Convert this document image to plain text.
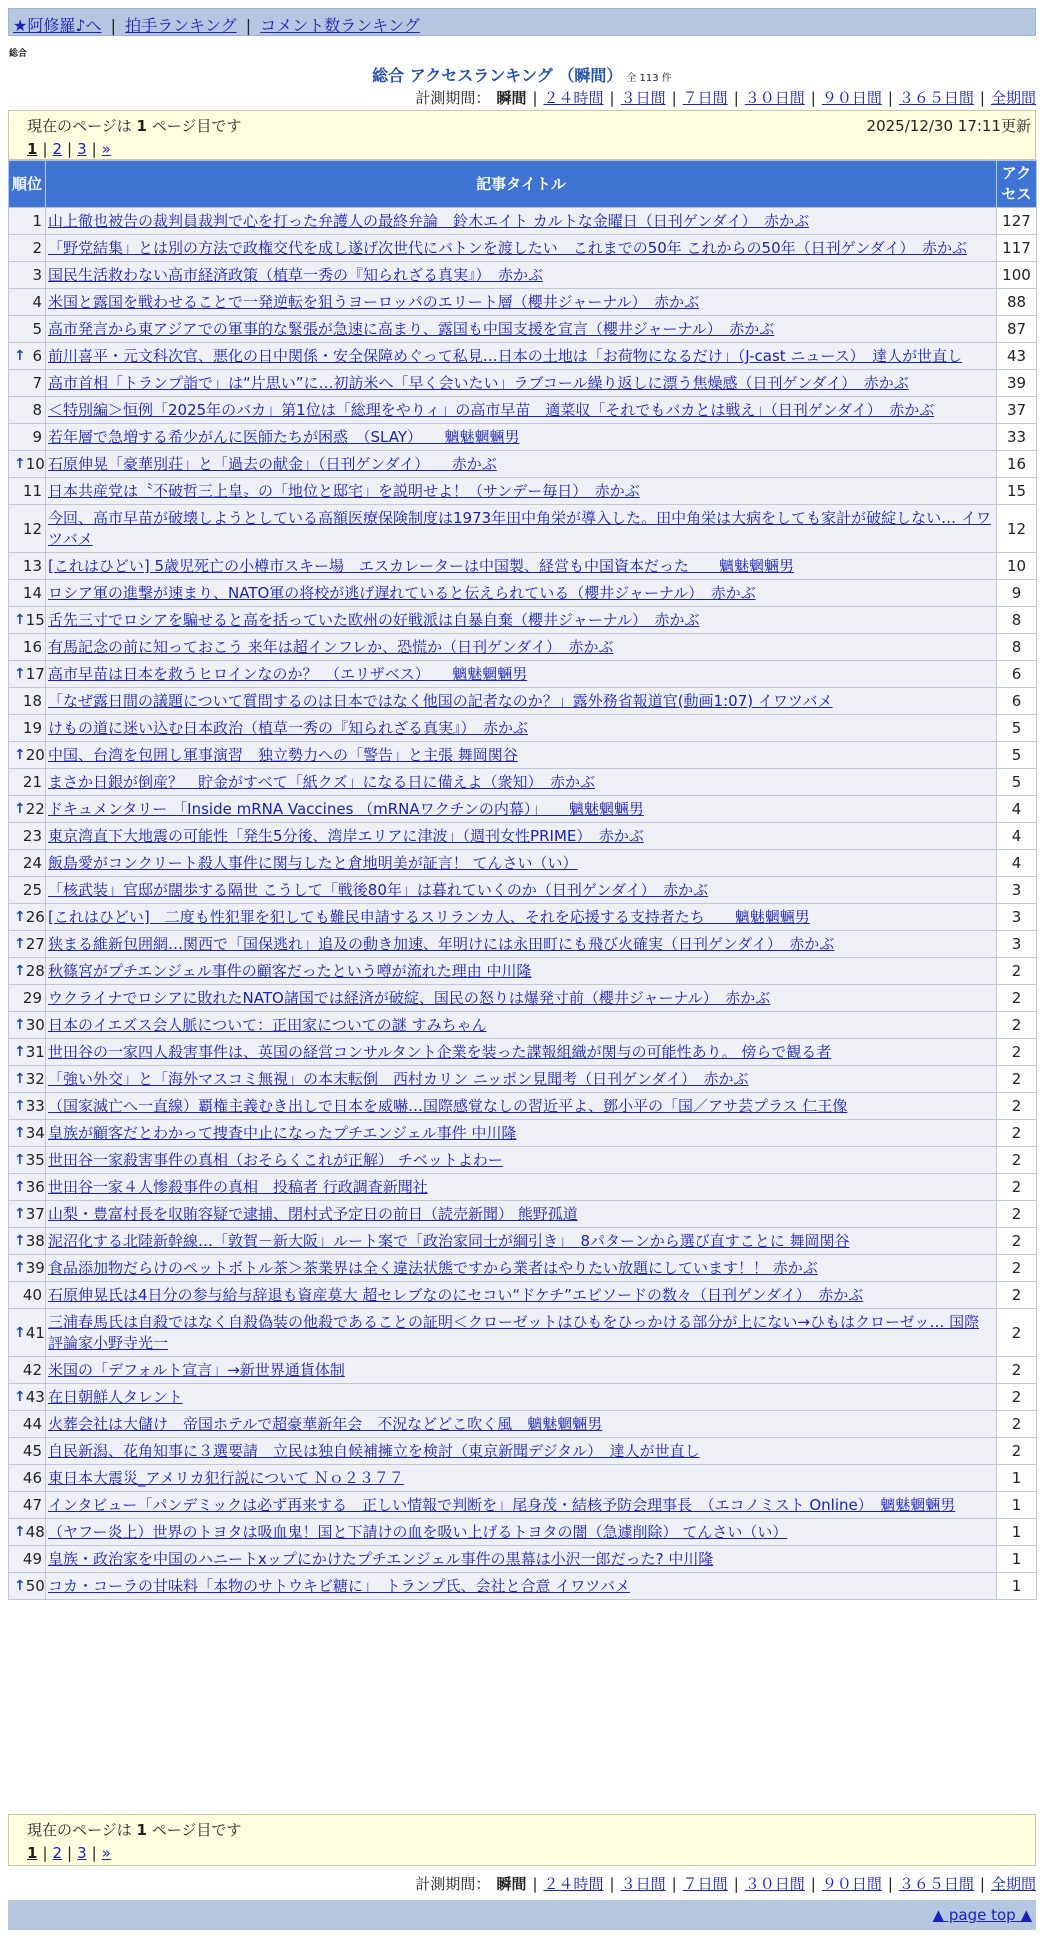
★阿修羅♪へ | 拍手ランキング | コメント数ランキング
総合
総合 アクセスランキング （瞬間） 全 113 件
計測期間： 瞬間 | ２４時間 | ３日間 | ７日間 | ３０日間 | ９０日間 | ３６５日間 | 全期間
現在のページは 1 ページ目です	2025/12/30 17:11更新
1 | 2 | 3 | »
順位	記事タイトル	アクセス
1	山上徹也被告の裁判員裁判で心を打った弁護人の最終弁論　鈴木エイト カルトな金曜日（日刊ゲンダイ）　赤かぶ	127
2	「野党結集」とは別の方法で政権交代を成し遂げ次世代にバトンを渡したい　これまでの50年 これからの50年（日刊ゲンダイ）　赤かぶ	117
3	国民生活救わない高市経済政策（植草一秀の『知られざる真実』）　赤かぶ	100
4	米国と露国を戦わせることで一発逆転を狙うヨーロッパのエリート層（櫻井ジャーナル）　赤かぶ	88
5	高市発言から東アジアでの軍事的な緊張が急速に高まり、露国も中国支援を宣言（櫻井ジャーナル）　赤かぶ	87

↑ 6	前川喜平・元文科次官、悪化の日中関係・安全保障めぐって私見…日本の土地は「お荷物になるだけ」（J-cast ニュース）　達人が世直し	43
7	高市首相「トランプ詣で」は“片思い”に…初訪米へ「早く会いたい」ラブコール繰り返しに漂う焦燥感（日刊ゲンダイ）　赤かぶ	39
8	＜特別編＞恒例「2025年のバカ」第1位は「総理をやりィ」の高市早苗　適菜収「それでもバカとは戦え」（日刊ゲンダイ）　赤かぶ	37
9	若年層で急増する希少がんに医師たちが困惑　（SLAY）　　魑魅魍魎男	33

↑ 10	石原伸晃「豪華別荘」と「過去の献金」（日刊ゲンダイ）　　赤かぶ	16
11	日本共産党は〝不破哲三上皇〟の「地位と邸宅」を説明せよ！（サンデー毎日）　赤かぶ	15
12	今回、高市早苗が破壊しようとしている高額医療保険制度は1973年田中角栄が導入した。田中角栄は大病をしても家計が破綻しない… イワツバメ	12
13	[これはひどい] 5歳児死亡の小樽市スキー場　エスカレーターは中国製、経営も中国資本だった　　魑魅魍魎男	10
14	ロシア軍の進撃が速まり、NATO軍の将校が逃げ遅れていると伝えられている（櫻井ジャーナル）　赤かぶ	9

↑ 15	舌先三寸でロシアを騙せると高を括っていた欧州の好戦派は自暴自棄（櫻井ジャーナル）　赤かぶ	8
16	有馬記念の前に知っておこう 来年は超インフレか、恐慌か（日刊ゲンダイ）　赤かぶ	8

↑ 17	高市早苗は日本を救うヒロインなのか？　（エリザベス）　　魑魅魍魎男	6
18	「なぜ露日間の議題について質問するのは日本ではなく他国の記者なのか？」露外務省報道官(動画1:07) イワツバメ	6
19	けもの道に迷い込む日本政治（植草一秀の『知られざる真実』）　赤かぶ	5

↑ 20	中国、台湾を包囲し軍事演習　独立勢力への「警告」と主張 舞岡関谷	5
21	まさか日銀が倒産？　貯金がすべて「紙クズ」になる日に備えよ（衆知）　赤かぶ	5

↑ 22	ドキュメンタリー 「Inside mRNA Vaccines （mRNAワクチンの内幕）」　　魑魅魍魎男	4
23	東京湾直下大地震の可能性「発生5分後、湾岸エリアに津波」（週刊女性PRIME）　赤かぶ	4
24	飯島愛がコンクリート殺人事件に関与したと倉地明美が証言！ てんさい（い）	4
25	「核武装」官邸が闊歩する隔世 こうして「戦後80年」は暮れていくのか（日刊ゲンダイ）　赤かぶ	3

↑ 26	[これはひどい]　二度も性犯罪を犯しても難民申請するスリランカ人、それを応援する支持者たち　　魑魅魍魎男	3

↑ 27	狭まる維新包囲網…関西で「国保逃れ」追及の動き加速、年明けには永田町にも飛び火確実（日刊ゲンダイ）　赤かぶ	3

↑ 28	秋篠宮がプチエンジェル事件の顧客だったという噂が流れた理由 中川隆	2
29	ウクライナでロシアに敗れたNATO諸国では経済が破綻、国民の怒りは爆発寸前（櫻井ジャーナル）　赤かぶ	2

↑ 30	日本のイエズス会人脈について：正田家についての謎 すみちゃん	2

↑ 31	世田谷の一家四人殺害事件は、英国の経営コンサルタント企業を装った諜報組織が関与の可能性あり。 傍らで観る者	2

↑ 32	「強い外交」と「海外マスコミ無視」の本末転倒　西村カリン ニッポン見聞考（日刊ゲンダイ）　赤かぶ	2

↑ 33	（国家滅亡へ一直線）覇権主義むき出しで日本を威嚇…国際感覚なしの習近平よ、鄧小平の「国／アサ芸プラス 仁王像	2

↑ 34	皇族が顧客だとわかって捜査中止になったプチエンジェル事件 中川隆	2

↑ 35	世田谷一家殺害事件の真相（おそらくこれが正解） チベットよわー	2

↑ 36	世田谷一家４人惨殺事件の真相　投稿者 行政調査新聞社	2

↑ 37	山梨・豊富村長を収賄容疑で逮捕、閉村式予定日の前日（読売新聞） 熊野孤道	2

↑ 38	泥沼化する北陸新幹線…「敦賀－新大阪」ルート案で「政治家同士が綱引き」　8パターンから選び直すことに 舞岡関谷	2

↑ 39	食品添加物だらけのペットボトル茶＞茶業界は全く違法状態ですから業者はやりたい放題にしています！！ 赤かぶ	2
40	石原伸晃氏は4日分の参与給与辞退も資産莫大 超セレブなのにセコい“ドケチ”エピソードの数々（日刊ゲンダイ）　赤かぶ	2

↑ 41	三浦春馬氏は自殺ではなく自殺偽装の他殺であることの証明＜クローゼットはひもをひっかける部分が上にない→ひもはクローゼッ… 国際評論家小野寺光一	2
42	米国の「デフォルト宣言」→新世界通貨体制	2

↑ 43	在日朝鮮人タレント	2
44	火葬会社は大儲け　帝国ホテルで超豪華新年会　不況などどこ吹く風　魑魅魍魎男	2
45	自民新潟、花角知事に３選要請　立民は独自候補擁立を検討（東京新聞デジタル）　達人が世直し	2
46	東日本大震災_アメリカ犯行説について Ｎｏ２３７７	1
47	インタビュー「パンデミックは必ず再来する　正しい情報で判断を」尾身茂・結核予防会理事長　（エコノミスト Online）　魑魅魍魎男	1

↑ 48	（ヤフー炎上）世界のトヨタは吸血鬼！国と下請けの血を吸い上げるトヨタの闇（急遽削除） てんさい（い）	1
49	皇族・政治家を中国のハニートxップにかけたプチエンジェル事件の黒幕は小沢一郎だった? 中川隆	1

↑ 50	コカ・コーラの甘味料「本物のサトウキビ糖に」　トランプ氏、会社と合意 イワツバメ	1
現在のページは 1 ページ目です
1 | 2 | 3 | »
計測期間： 瞬間 | ２４時間 | ３日間 | ７日間 | ３０日間 | ９０日間 | ３６５日間 | 全期間
▲ page top ▲
